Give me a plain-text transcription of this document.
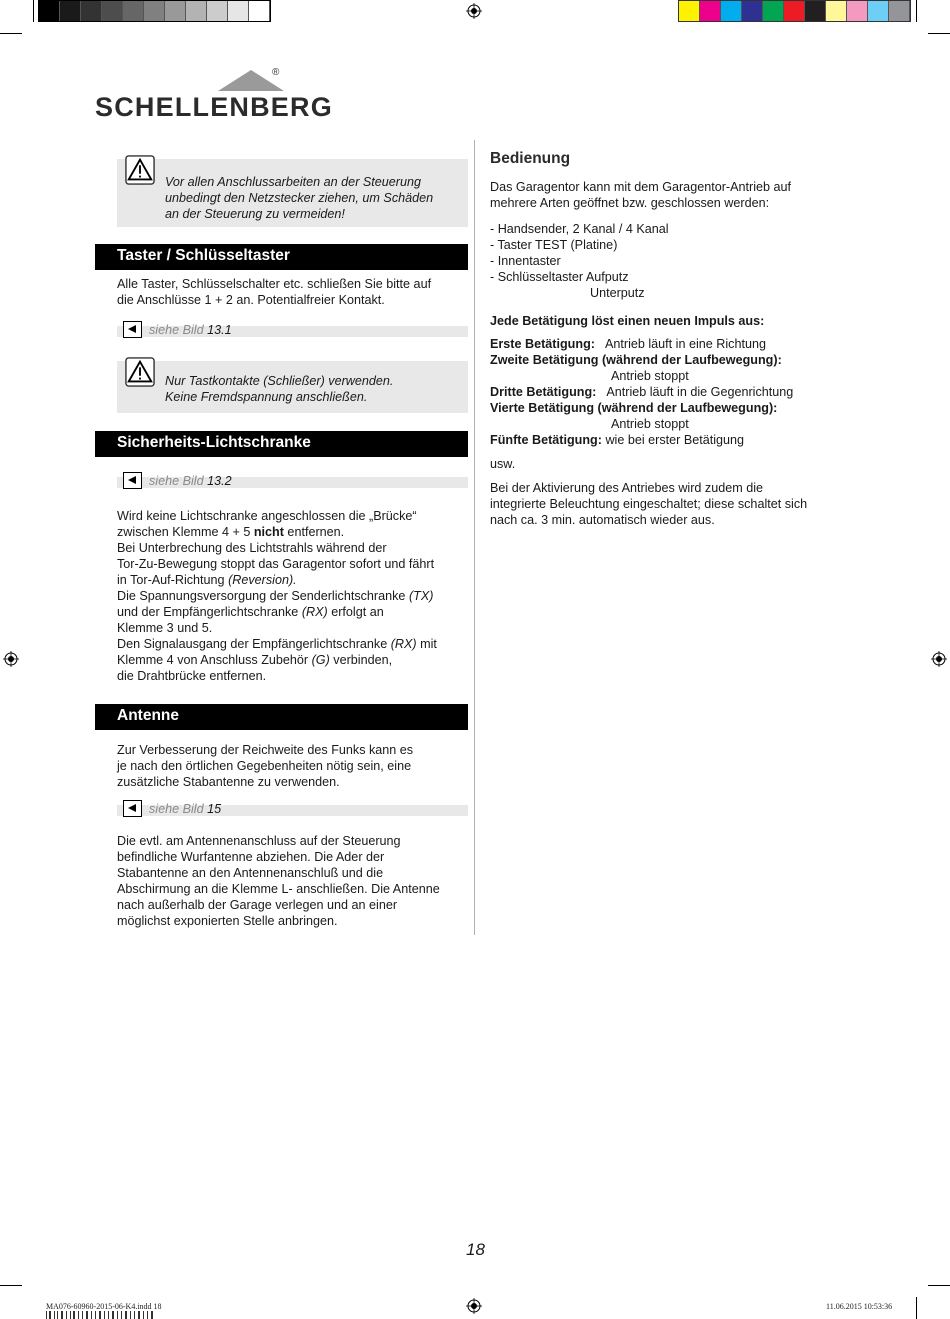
®
SCHELLENBERG
Vor allen Anschlussarbeiten an der Steuerung
unbedingt den Netzstecker ziehen, um Schäden
an der Steuerung zu vermeiden!
Taster / Schlüsseltaster
Alle Taster, Schlüsselschalter etc. schließen Sie bitte auf
die Anschlüsse 1 + 2 an. Potentialfreier Kontakt.
siehe Bild 13.1
Nur Tastkontakte (Schließer) verwenden.
Keine Fremdspannung anschließen.
Sicherheits-Lichtschranke
siehe Bild 13.2
Wird keine Lichtschranke angeschlossen die „Brücke“
zwischen Klemme 4 + 5 nicht entfernen.
Bei Unterbrechung des Lichtstrahls während der
Tor-Zu-Bewegung stoppt das Garagentor sofort und fährt
in Tor-Auf-Richtung (Reversion).
Die Spannungsversorgung der Senderlichtschranke (TX)
und der Empfängerlichtschranke (RX) erfolgt an
Klemme 3 und 5.
Den Signalausgang der Empfängerlichtschranke (RX) mit
Klemme 4 von Anschluss Zubehör (G) verbinden,
die Drahtbrücke entfernen.
Antenne
Zur Verbesserung der Reichweite des Funks kann es
je nach den örtlichen Gegebenheiten nötig sein, eine
zusätzliche Stabantenne zu verwenden.
siehe Bild 15
Die evtl. am Antennenanschluss auf der Steuerung
befindliche Wurfantenne abziehen. Die Ader der
Stabantenne an den Antennenanschluß und die
Abschirmung an die Klemme L- anschließen. Die Antenne
nach außerhalb der Garage verlegen und an einer
möglichst exponierten Stelle anbringen.
Bedienung
Das Garagentor kann mit dem Garagentor-Antrieb auf
mehrere Arten geöffnet bzw. geschlossen werden:
- Handsender, 2 Kanal / 4 Kanal
- Taster TEST (Platine)
- Innentaster
- Schlüsseltaster Aufputz
Unterputz
Jede Betätigung löst einen neuen Impuls aus:
Erste Betätigung: Antrieb läuft in eine Richtung
Zweite Betätigung (während der Laufbewegung):
Antrieb stoppt
Dritte Betätigung: Antrieb läuft in die Gegenrichtung
Vierte Betätigung (während der Laufbewegung):
Antrieb stoppt
Fünfte Betätigung: wie bei erster Betätigung
usw.
Bei der Aktivierung des Antriebes wird zudem die
integrierte Beleuchtung eingeschaltet; diese schaltet sich
nach ca. 3 min. automatisch wieder aus.
18
MA076-60960-2015-06-K4.indd 18	11.06.2015 10:53:36
